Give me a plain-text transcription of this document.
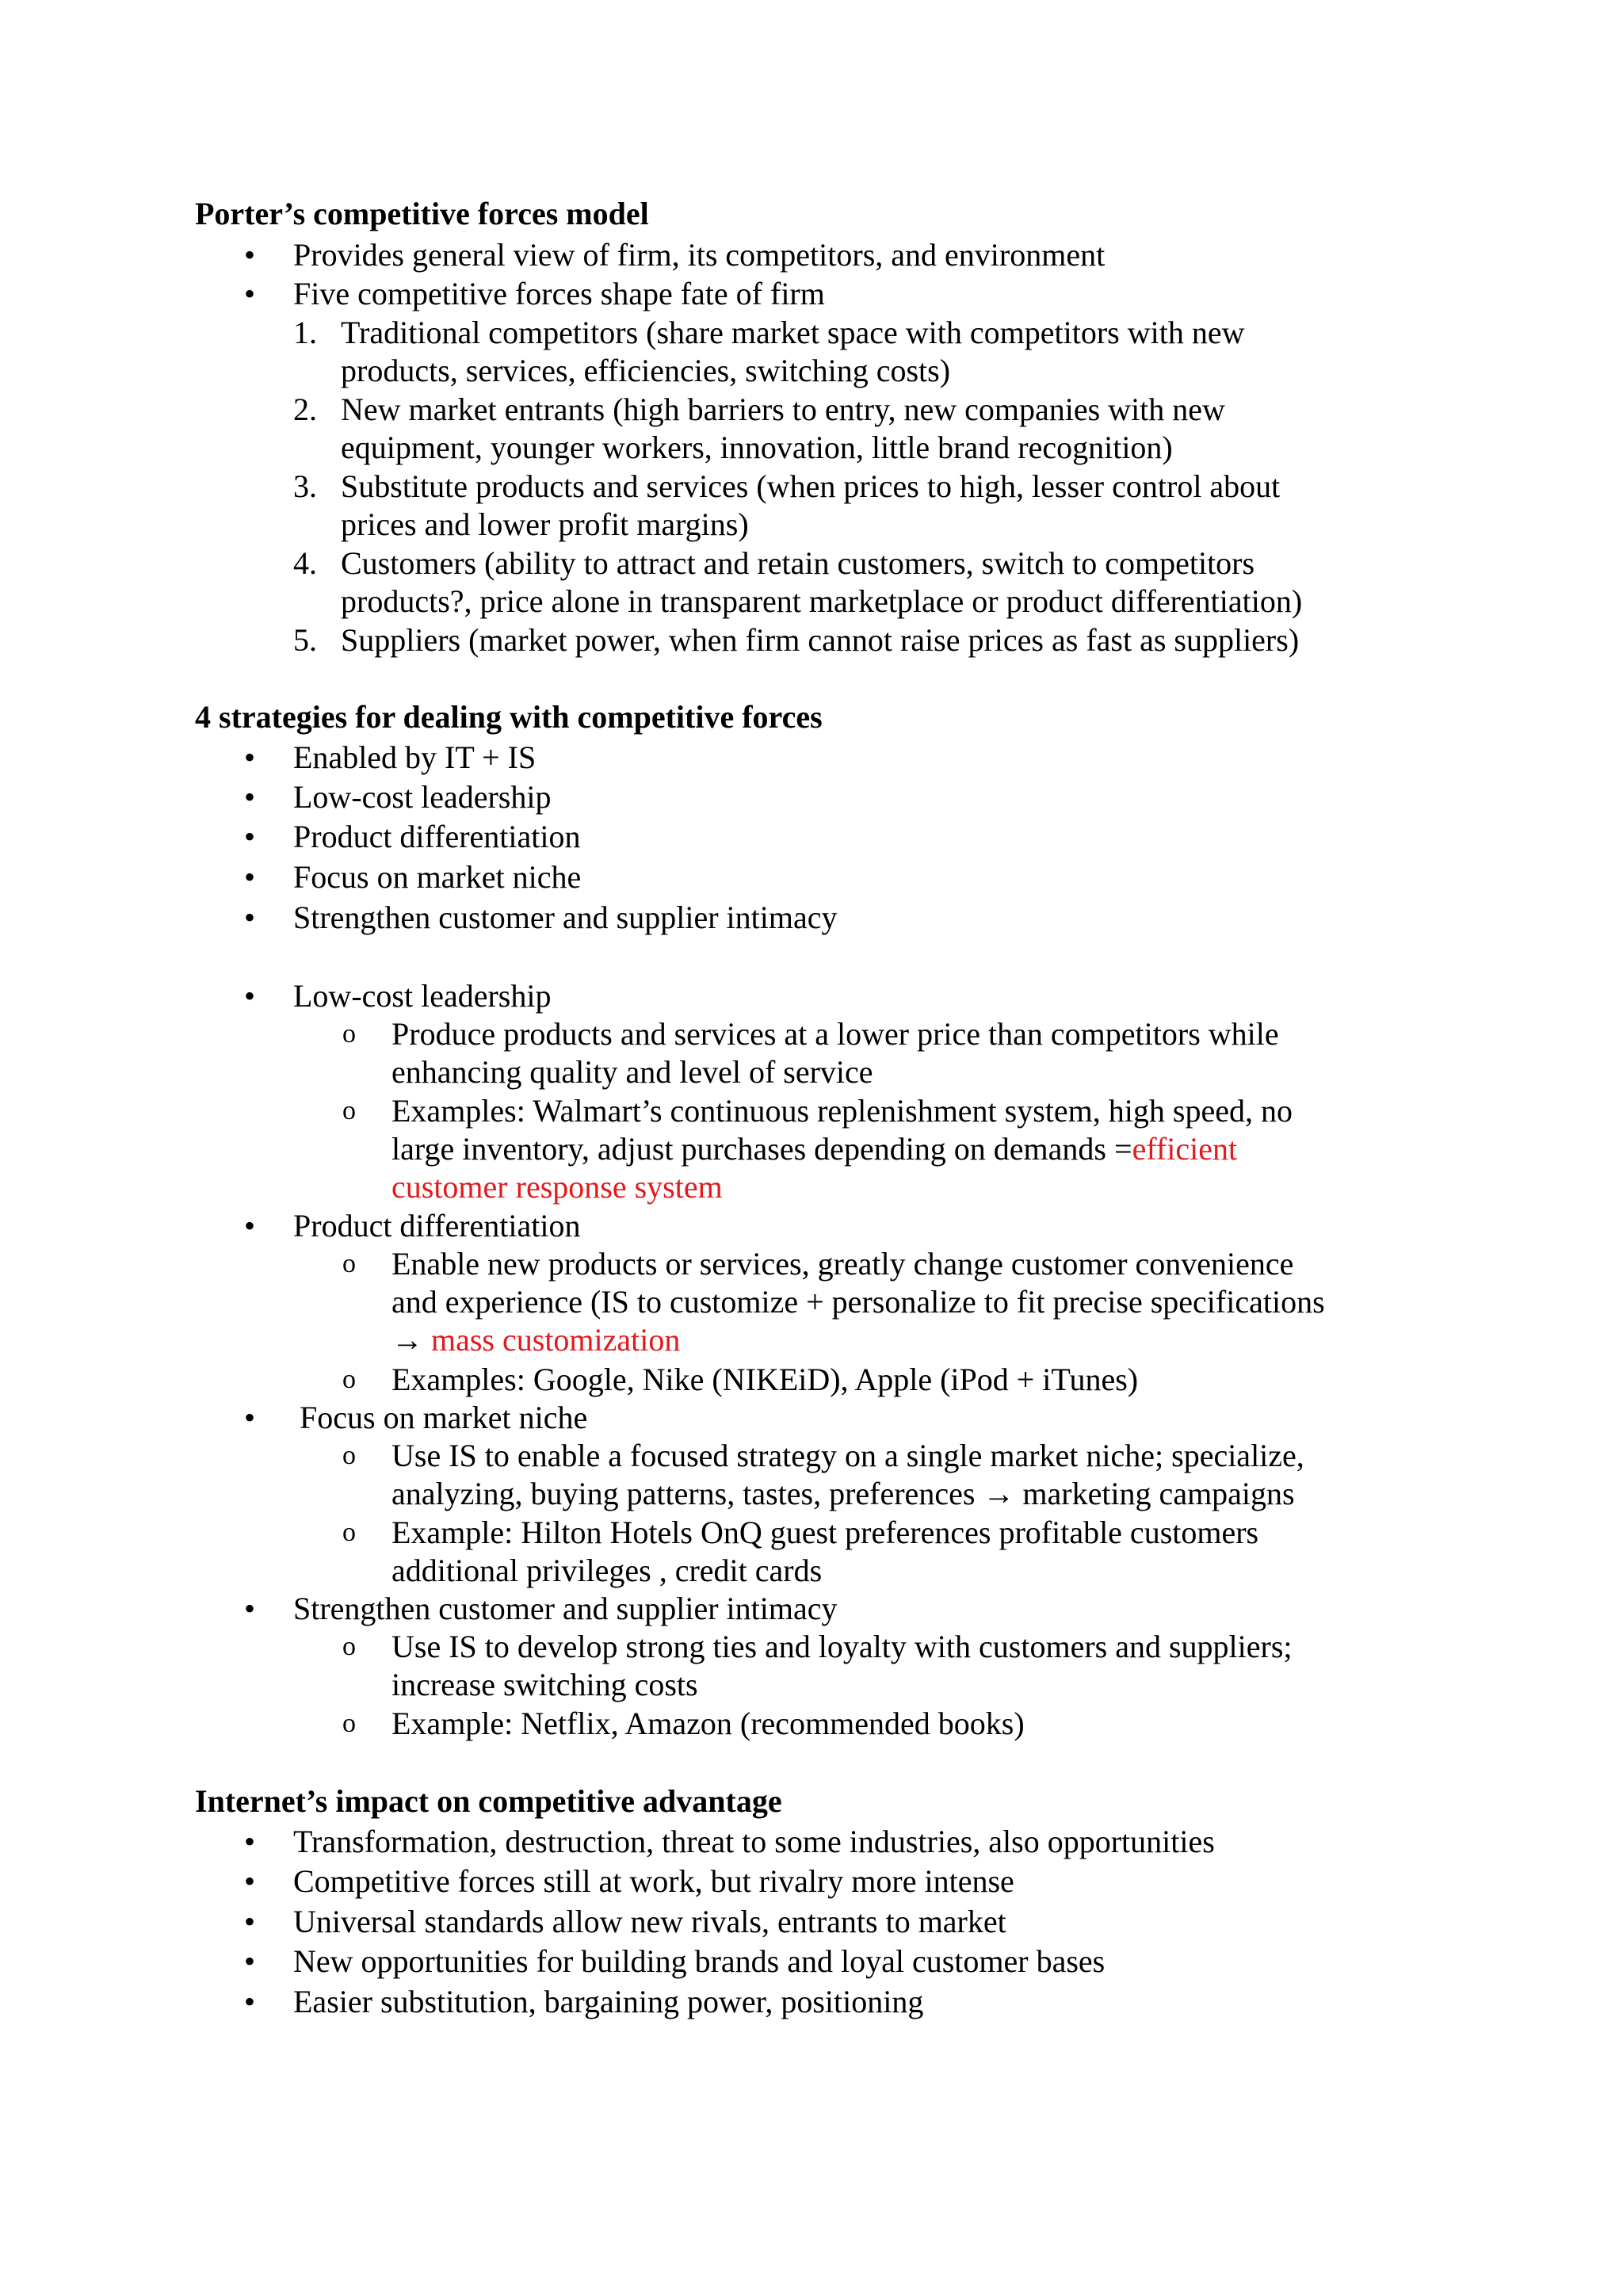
Porter’s competitive forces model
• Provides general view of firm, its competitors, and environment
• Five competitive forces shape fate of firm
1. Traditional competitors (share market space with competitors with new
products, services, efficiencies, switching costs)
2. New market entrants (high barriers to entry, new companies with new
equipment, younger workers, innovation, little brand recognition)
3. Substitute products and services (when prices to high, lesser control about
prices and lower profit margins)
4. Customers (ability to attract and retain customers, switch to competitors
products?, price alone in transparent marketplace or product differentiation)
5. Suppliers (market power, when firm cannot raise prices as fast as suppliers)
4 strategies for dealing with competitive forces
• Enabled by IT + IS
• Low-cost leadership
• Product differentiation
• Focus on market niche
• Strengthen customer and supplier intimacy
• Low-cost leadership
o Produce products and services at a lower price than competitors while
enhancing quality and level of service
o Examples: Walmart’s continuous replenishment system, high speed, no
large inventory, adjust purchases depending on demands =efficient
customer response system
• Product differentiation
o Enable new products or services, greatly change customer convenience
and experience (IS to customize + personalize to fit precise specifications
→ mass customization
o Examples: Google, Nike (NIKEiD), Apple (iPod + iTunes)
• Focus on market niche
o Use IS to enable a focused strategy on a single market niche; specialize,
analyzing, buying patterns, tastes, preferences → marketing campaigns
o Example: Hilton Hotels OnQ guest preferences profitable customers
additional privileges , credit cards
• Strengthen customer and supplier intimacy
o Use IS to develop strong ties and loyalty with customers and suppliers;
increase switching costs
o Example: Netflix, Amazon (recommended books)
Internet’s impact on competitive advantage
• Transformation, destruction, threat to some industries, also opportunities
• Competitive forces still at work, but rivalry more intense
• Universal standards allow new rivals, entrants to market
• New opportunities for building brands and loyal customer bases
• Easier substitution, bargaining power, positioning
